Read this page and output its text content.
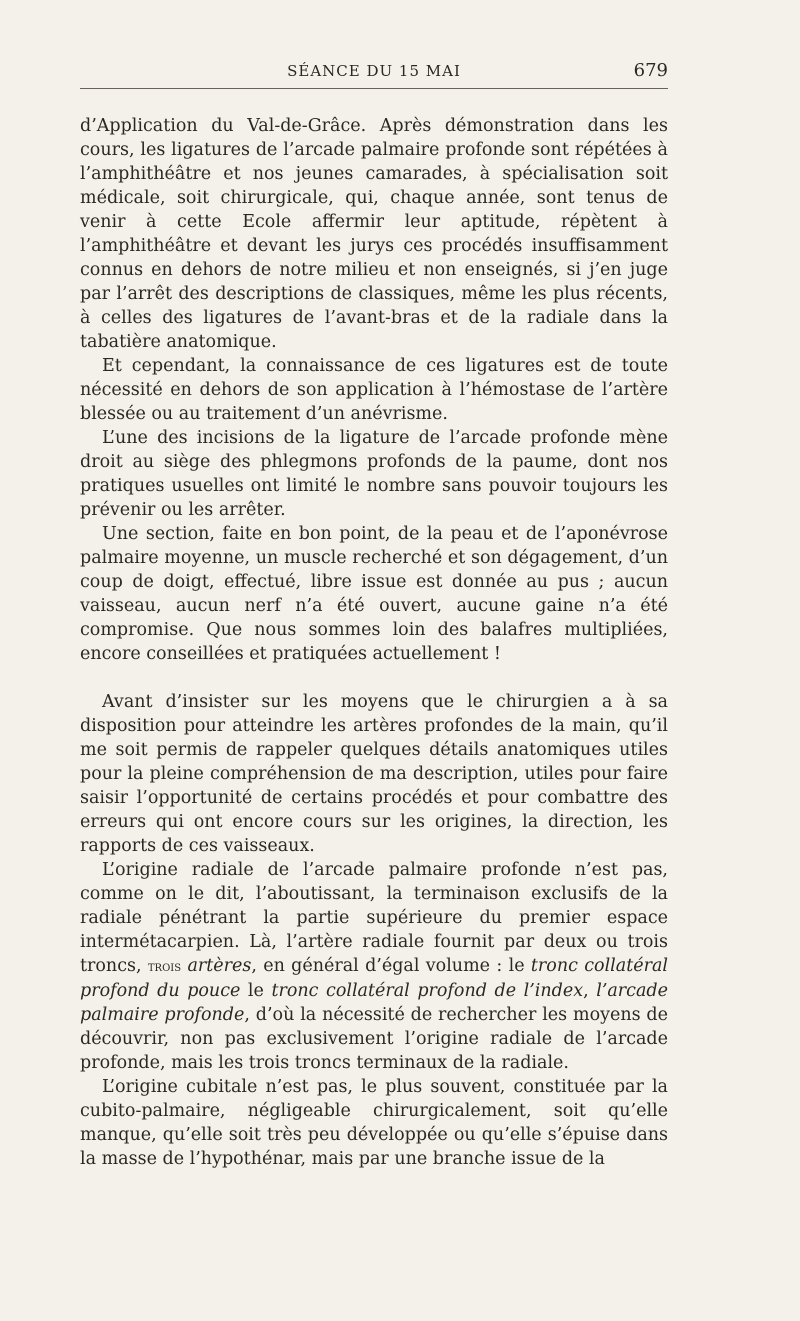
SÉANCE DU 15 MAI	679

d’Application du Val-de-Grâce. Après démonstration dans les cours, les ligatures de l’arcade palmaire profonde sont répétées à l’amphithéâtre et nos jeunes camarades, à spécialisation soit médicale, soit chirurgicale, qui, chaque année, sont tenus de venir à cette Ecole affermir leur aptitude, répètent à l’amphithéâtre et devant les jurys ces procédés insuffisamment connus en dehors de notre milieu et non enseignés, si j’en juge par l’arrêt des descriptions de classiques, même les plus récents, à celles des ligatures de l’avant-bras et de la radiale dans la tabatière anatomique.

Et cependant, la connaissance de ces ligatures est de toute nécessité en dehors de son application à l’hémostase de l’artère blessée ou au traitement d’un anévrisme.

L’une des incisions de la ligature de l’arcade profonde mène droit au siège des phlegmons profonds de la paume, dont nos pratiques usuelles ont limité le nombre sans pouvoir toujours les prévenir ou les arrêter.

Une section, faite en bon point, de la peau et de l’aponévrose palmaire moyenne, un muscle recherché et son dégagement, d’un coup de doigt, effectué, libre issue est donnée au pus ; aucun vaisseau, aucun nerf n’a été ouvert, aucune gaine n’a été compromise. Que nous sommes loin des balafres multipliées, encore conseillées et pratiquées actuellement !

Avant d’insister sur les moyens que le chirurgien a à sa disposition pour atteindre les artères profondes de la main, qu’il me soit permis de rappeler quelques détails anatomiques utiles pour la pleine compréhension de ma description, utiles pour faire saisir l’opportunité de certains procédés et pour combattre des erreurs qui ont encore cours sur les origines, la direction, les rapports de ces vaisseaux.

L’origine radiale de l’arcade palmaire profonde n’est pas, comme on le dit, l’aboutissant, la terminaison exclusifs de la radiale pénétrant la partie supérieure du premier espace intermétacarpien. Là, l’artère radiale fournit par deux ou trois troncs, trois artères, en général d’égal volume : le tronc collatéral profond du pouce le tronc collatéral profond de l’index, l’arcade palmaire profonde, d’où la nécessité de rechercher les moyens de découvrir, non pas exclusivement l’origine radiale de l’arcade profonde, mais les trois troncs terminaux de la radiale.

L’origine cubitale n’est pas, le plus souvent, constituée par la cubito-palmaire, négligeable chirurgicalement, soit qu’elle manque, qu’elle soit très peu développée ou qu’elle s’épuise dans la masse de l’hypothénar, mais par une branche issue de la
